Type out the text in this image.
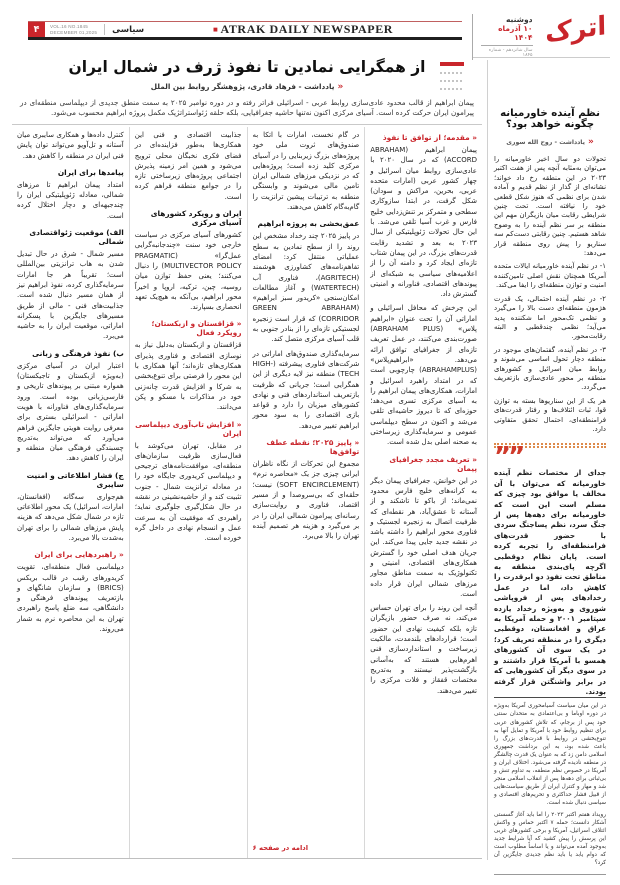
۴	VOL.16 NO.1845
DECEMBER 01,2025 سیاسی	■ ATRAK DAILY NEWSPAPER	اترک
دوشنبه
۱۰ آذرماه ۱۴۰۴
سال شانزدهم - شماره ۱۸۴۵
از همگرایی نمادین تا نفوذ ژرف در شمال ایران
«یادداشت - فرهاد قادری، پژوهشگر روابط بین الملل

پیمان ابراهیم از قالب محدود عادی‌سازی روابط عربی - اسرائیلی فراتر رفته و در دوره نوامبر ۲۰۲۵ به سمت منطق جدیدی از دیپلماسی منطقه‌ای در پیرامون ایران حرکت کرده است. آسیای مرکزی اکنون نه‌تنها حاشیه جغرافیایی، بلکه حلقه ژئواستراتژیک مکمل پروژه ابراهیم محسوب می‌شود.

« مقدمه؛ از توافق تا نفوذ
پیمان ابراهیم (ABRAHAM ACCORD) که در سال ۲۰۲۰ با عادی‌سازی روابط میان اسرائیل و چهار کشور عربی (امارات متحده عربی، بحرین، مراکش و سودان) شکل گرفت، در ابتدا سازوکاری سطحی و متمرکز بر تنش‌زدایی خلیج فارس و غرب آسیا تلقی می‌شد. با این حال تحولات ژئوپلیتیکی از سال ۲۰۲۳ به بعد و تشدید رقابت قدرت‌های بزرگ، در این پیمان شتاب تازه‌ای ایجاد کرد و دامنه آن را از اعلامیه‌های سیاسی به شبکه‌ای از پیوندهای اقتصادی، فناورانه و امنیتی گسترش داد.
این چرخش که محافل اسرائیلی و اماراتی آن را تحت عنوان «ابراهیم پلاس» (ABRAHAM PLUS) صورت‌بندی می‌کنند، در عمل تعریف تازه‌ای از جغرافیای توافق ارائه می‌دهد. «ابراهیم‌پلاس» (ABRAHAMPLUS) چارچوبی است که در امتداد راهبرد اسرائیل و امارات، همکاری‌های پیمان ابراهیم را به آسیای مرکزی تسری می‌دهد؛ حوزه‌ای که تا دیروز حاشیه‌ای تلقی می‌شد و اکنون در سطح دیپلماسی عمومی و سرمایه‌گذاری زیرساختی به صحنه اصلی بدل شده است.
« تعریف مجدد جغرافیای پیمان
در این خوانش، جغرافیای پیمان دیگر به کرانه‌های خلیج فارس محدود نمی‌ماند؛ از باکو تا تاشکند و از آستانه تا عشق‌آباد، هر نقطه‌ای که ظرفیت اتصال به زنجیره لجستیک و فناوری محور ابراهیم را داشته باشد در نقشه جدید جایی پیدا می‌کند. این جریان هدف اصلی خود را گسترش همکاری‌های اقتصادی، امنیتی و تکنولوژیک به سمت مناطق مجاور مرزهای شمالی ایران قرار داده است.
آنچه این روند را برای تهران حساس می‌کند، نه صرف حضور بازیگران تازه بلکه کیفیت نهادی این حضور است؛ قراردادهای بلندمدت، مالکیت زیرساخت و استانداردسازی فنی اهرم‌هایی هستند که به‌آسانی بازگشت‌پذیر نیستند و به‌تدریج مختصات قفقاز و فلات مرکزی را تغییر می‌دهند.
در گام نخست، امارات با اتکا به صندوق‌های ثروت ملی خود پروژه‌های بزرگ زیربنایی را در آسیای مرکزی کلید زده است؛ پروژه‌هایی که در نزدیکی مرزهای شمالی ایران تامین مالی می‌شوند و وابستگی منطقه به ترتیبات پیشین ترانزیت را گام‌به‌گام کاهش می‌دهند.
عمق‌بخشی به پروژه ابراهیم
در پاییز ۲۰۲۵ چند رخداد مشخص این روند را از سطح نمادین به سطح عملیاتی منتقل کرد: امضای تفاهم‌نامه‌های کشاورزی هوشمند (AGRITECH)، فناوری آب (WATERTECH) و آغاز مطالعات امکان‌سنجی «کریدور سبز ابراهیم» (GREEN ABRAHAM CORRIDOR) که قرار است زنجیره لجستیکی تازه‌ای را از بنادر جنوبی به قلب آسیای مرکزی متصل کند.
سرمایه‌گذاری صندوق‌های اماراتی در شرکت‌های فناوری پیشرفته (HIGH-TECH) منطقه نیز لایه دیگری از این همگرایی است؛ جریانی که ظرفیت بازتعریف استانداردهای فنی و نهادی کشورهای میزبان را دارد و قواعد بازی اقتصادی را به سود محور ابراهیم تغییر می‌دهد.
« پاییز ۲۰۲۵؛ نقطه عطف توافق‌ها
مجموع این تحرکات از نگاه ناظران ایرانی چیزی جز یک «محاصره نرم» (SOFT ENCIRCLEMENT) نیست؛ حلقه‌ای که بی‌سروصدا و از مسیر اقتصاد، فناوری و روایت‌سازی رسانه‌ای پیرامون شمالی ایران را در بر می‌گیرد و هزینه هر تصمیم آینده تهران را بالا می‌برد.
ادامه در صفحه ۶
جذابیت اقتصادی و فنی این همکاری‌ها به‌طور فزاینده‌ای در فضای فکری نخبگان محلی ترویج می‌شود و همین امر زمینه پذیرش اجتماعی پروژه‌های زیرساختی تازه را در جوامع منطقه فراهم کرده است.
ایران و رویکرد کشورهای آسیای مرکزی
کشورهای آسیای مرکزی در سیاست خارجی خود سنت «چندجانبه‌گرایی عمل‌گرا» (PRAGMATIC MULTIVECTOR POLICY) را دنبال می‌کنند؛ یعنی حفظ توازن میان روسیه، چین، ترکیه، اروپا و اخیراً محور ابراهیم، بی‌آنکه به هیچ‌یک تعهد انحصاری بسپارند.
« قزاقستان و ازبکستان؛ رویکرد فعال
قزاقستان و ازبکستان به‌دلیل نیاز به نوسازی اقتصادی و فناوری پذیرای همکاری‌های تازه‌اند؛ آنها همکاری با این محور را فرصتی برای تنوع‌بخشی به شرکا و افزایش قدرت چانه‌زنی خود در مذاکرات با مسکو و پکن می‌دانند.
« افزایش تاب‌آوری دیپلماسی ایران
در مقابل، تهران می‌کوشد با فعال‌سازی ظرفیت سازمان‌های منطقه‌ای، موافقت‌نامه‌های ترجیحی و دیپلماسی کریدوری جایگاه خود را در معادله ترانزیت شمال - جنوب تثبیت کند و از حاشیه‌نشینی در نقشه در حال شکل‌گیری جلوگیری نماید؛ راهبردی که موفقیت آن به سرعت عمل و انسجام نهادی در داخل گره خورده است.
کنترل داده‌ها و همکاری سایبری میان آستانه و تل‌آویو می‌تواند توان پایش فنی ایران در منطقه را کاهش دهد.
پیامدها برای ایران
امتداد پیمان ابراهیم تا مرزهای شمالی، معادله ژئوپلیتیکی ایران را چندجبهه‌ای و دچار اختلال کرده است.
الف) موقعیت ژئواقتصادی شمالی
مسیر شمال - شرق در حال تبدیل شدن به هاب ترانزیتی بین‌المللی است؛ تقریباً هر جا امارات سرمایه‌گذاری کرده، نفوذ ابراهیم نیز از همان مسیر دنبال شده است. جذابیت‌های فنی - مالی از طریق مسیرهای جایگزین با پسکرانه اماراتی، موقعیت ایران را به حاشیه می‌برد.
ب) نفوذ فرهنگی و زبانی
اعتبار ایران در آسیای مرکزی (به‌ویژه ازبکستان و تاجیکستان) همواره مبتنی بر پیوندهای تاریخی و فارسی‌زبانی بوده است. ورود سرمایه‌گذاری‌های فناورانه با هویت اماراتی - اسرائیلی بستری برای معرفی روایت هویتی جایگزین فراهم می‌آورد که می‌تواند به‌تدریج چسبندگی فرهنگی میان منطقه و ایران را کاهش دهد.
ج) فشار اطلاعاتی و امنیت سایبری
هم‌جواری سه‌گانه (افغانستان، امارات، اسرائیل) یک محور اطلاعاتی تازه در شمال شکل می‌دهد که هزینه پایش مرزهای شمالی را برای تهران به‌شدت بالا می‌برد.
« راهبردهایی برای ایران
دیپلماسی فعال منطقه‌ای، تقویت کریدورهای رقیب در قالب بریکس (BRICS) و سازمان شانگهای و بازتعریف پیوندهای فرهنگی و دانشگاهی، سه ضلع پاسخ راهبردی تهران به این محاصره نرم به شمار می‌روند.
نظم آینده خاورمیانه چگونه خواهد بود؟
«یادداشت - روح الله سوری

تحولات دو سال اخیر خاورمیانه را می‌توان به‌مثابه آنچه پس از هفت اکتبر ۲۰۲۳ در این منطقه رخ داد خواند؛ نشانه‌ای از گذار از نظم قدیم و آماده شدن برای نظمی که هنوز شکل قطعی خود را نیافته است. تحت چنین شرایطی رقابت میان بازیگران مهم این منطقه بر سر نظم آینده را به وضوح شاهد هستیم. چنین رقابتی دست‌کم سه سناریو را پیش روی منطقه قرار می‌دهد:

۱- در نظم آینده خاورمیانه ایالات متحده آمریکا همچنان نقش اصلی تامین‌کننده امنیت و توازن منطقه‌ای را ایفا می‌کند.

۲- در نظم آینده احتمالی، یک قدرت هژمون منطقه‌ای دست بالا را می‌گیرد و نظمی تک‌محور اما شکننده پدید می‌آید؛ نظمی چندقطبی و البته رقابت‌محور.

۳- در نظم آینده، گفتمان‌های موجود در منطقه دچار تحول اساسی می‌شوند و روابط میان اسرائیل و کشورهای منطقه بر محور عادی‌سازی بازتعریف می‌گردد.

هر یک از این سناریوها بسته به توازن قوا، ثبات ائتلاف‌ها و رفتار قدرت‌های فرامنطقه‌ای، احتمال تحقق متفاوتی دارد.

””
جدای از مختصات نظم آینده خاورمیانه که می‌توان با آن مخالف یا موافق بود چیزی که مسلم است این است که خاورمیانه برای دهه‌ها پس از جنگ سرد، نظم پساجنگ سردی با حضور قدرت‌های فرامنطقه‌ای را تجربه کرده است. پایان نظام دوقطبی اگرچه پای‌بندی منطقه به مناطق تحت نفوذ دو ابرقدرت را کاهش داد، اما در عمل رخدادهای پس از فروپاشی شوروی و به‌ویژه رخداد یازده سپتامبر ۲۰۰۱ و حمله آمریکا به عراق و افغانستان، دوقطبی دیگری را در منطقه تعریف کرد؛ در یک سوی آن کشورهای همسو با آمریکا قرار داشتند و در سوی دیگر آن کشورهایی که در برابر واشنگتن قرار گرفته بودند.

در این میان سیاست آسیامحوری آمریکا به‌ویژه در دوره اوباما و بی‌اعتمادی به متحدان سنتی خود پس از برجام، که تلاش کشورهای عربی برای تنظیم روابط خود با آمریکا و تمایل آنها به تنوع‌بخشی در روابط با قدرت‌های بزرگ را باعث شده بود، به این برداشت جمهوری اسلامی دامن زد که به عنوان یک قدرت چالشگر در منطقه نادیده گرفته می‌شود. اختلاف ایران و آمریکا در خصوص نظم منطقه، به تداوم تنش و بی‌ثباتی برای دهه‌ها پس از انقلاب اسلامی منجر شد و مهار و کنترل ایران از طریق سیاست‌هایی از قبیل فشار حداکثری و تحریم‌های اقتصادی و سیاسی دنبال شده است.

رویداد هفتم اکتبر ۲۰۲۳ را اما باید آغاز گسستی آشکار دانست؛ حمله ۷ اکتبر حماس و واکنش ائتلاف اسرائیل، آمریکا و برخی کشورهای غربی این پرسش را پیش کشید که آیا شرایط جدید به‌وجود آمده می‌تواند و یا اساساً مطلوب است که دوام یابد یا باید نظم جدیدی جایگزین آن کرد؟
